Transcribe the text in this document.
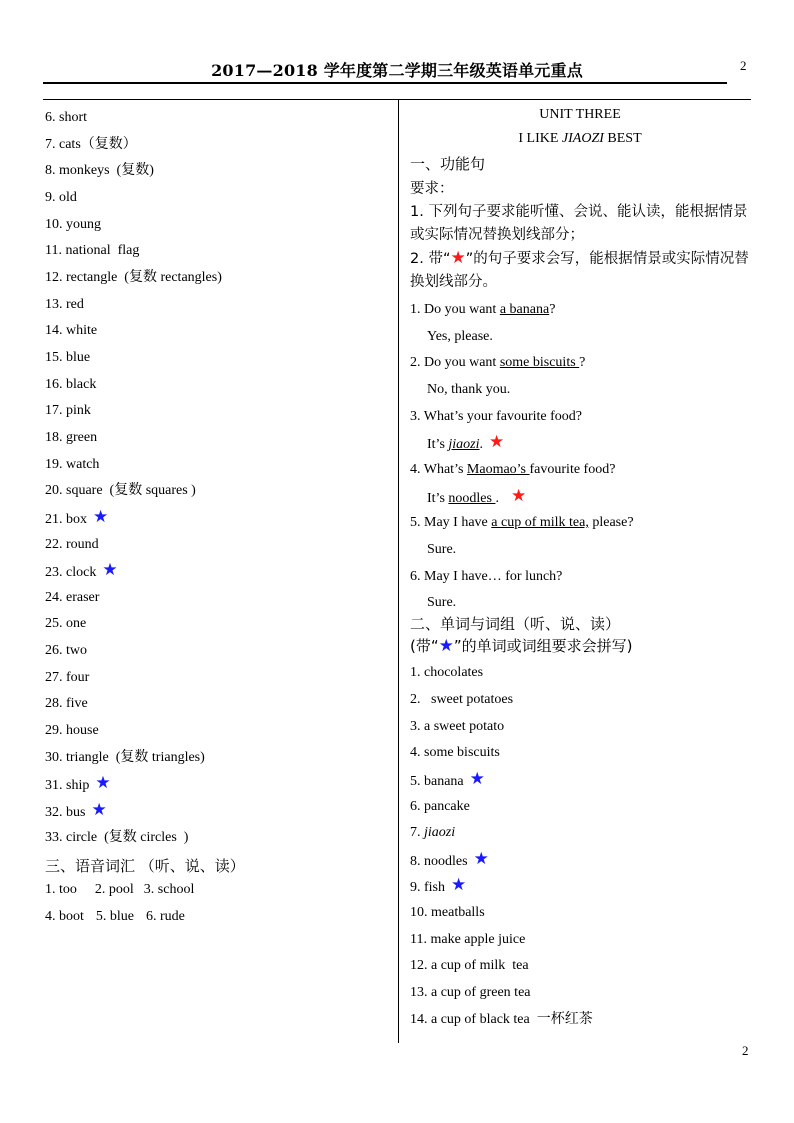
2017—2018 学年度第二学期三年级英语单元重点	2
6. short
7. cats（复数）
8. monkeys  (复数)
9. old
10. young
11. national  flag
12. rectangle  (复数 rectangles)
13. red
14. white
15. blue
16. black
17. pink
18. green
19. watch
20. square  (复数 squares )
21. box ★
22. round
23. clock ★
24. eraser
25. one
26. two
27. four
28. five
29. house
30. triangle  (复数 triangles)
31. ship ★
32. bus ★
33. circle  (复数 circles  )
三、语音词汇 （听、说、读）
1. too 2. pool 3. school
4. boot 5. blue 6. rude
UNIT THREE
I LIKE JIAOZI BEST
一、功能句
要求：
1. 下列句子要求能听懂、会说、能认读，能根据情景或实际情况替换划线部分；
2. 带“★”的句子要求会写，能根据情景或实际情况替换划线部分。
1. Do you want a banana?
Yes, please.
2. Do you want some biscuits ?
No, thank you.
3. What’s your favourite food?
It’s jiaozi. ★
4. What’s Maomao’s favourite food?
It’s noodles . ★
5. May I have a cup of milk tea, please?
Sure.
6. May I have… for lunch?
Sure.
二、单词与词组（听、说、读）
(带“★”的单词或词组要求会拼写)
1. chocolates
2.   sweet potatoes
3. a sweet potato
4. some biscuits
5. banana ★
6. pancake
7. jiaozi
8. noodles ★
9. fish ★
10. meatballs
11. make apple juice
12. a cup of milk  tea
13. a cup of green tea
14. a cup of black tea  一杯红茶
2
